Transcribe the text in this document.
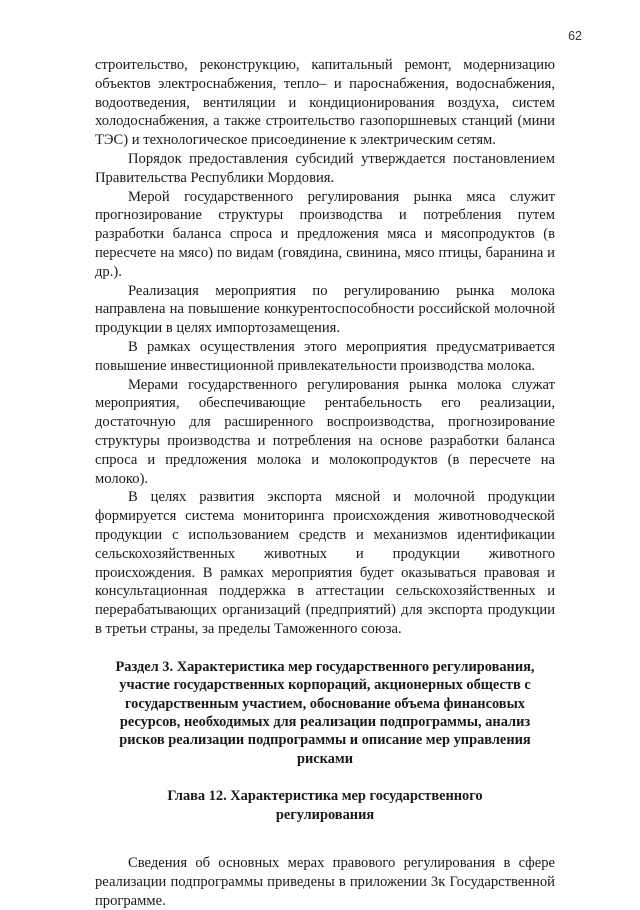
62

строительство, реконструкцию, капитальный ремонт, модернизацию объектов электроснабжения, тепло– и пароснабжения, водоснабжения, водоотведения, вентиляции и кондиционирования воздуха, систем холодоснабжения, а также строительство газопоршневых станций (мини ТЭС) и технологическое присоединение к электрическим сетям.

Порядок предоставления субсидий утверждается постановлением Правительства Республики Мордовия.

Мерой государственного регулирования рынка мяса служит прогнозирование структуры производства и потребления путем разработки баланса спроса и предложения мяса и мясопродуктов (в пересчете на мясо) по видам (говядина, свинина, мясо птицы, баранина и др.).

Реализация мероприятия по регулированию рынка молока направлена на повышение конкурентоспособности российской молочной продукции в целях импортозамещения.

В рамках осуществления этого мероприятия предусматривается повышение инвестиционной привлекательности производства молока.

Мерами государственного регулирования рынка молока служат мероприятия, обеспечивающие рентабельность его реализации, достаточную для расширенного воспроизводства, прогнозирование структуры производства и потребления на основе разработки баланса спроса и предложения молока и молокопродуктов (в пересчете на молоко).

В целях развития экспорта мясной и молочной продукции формируется система мониторинга происхождения животноводческой продукции с использованием средств и механизмов идентификации сельскохозяйственных животных и продукции животного происхождения. В рамках мероприятия будет оказываться правовая и консультационная поддержка в аттестации сельскохозяйственных и перерабатывающих организаций (предприятий) для экспорта продукции в третьи страны, за пределы Таможенного союза.

Раздел 3. Характеристика мер государственного регулирования, участие государственных корпораций, акционерных обществ с государственным участием, обоснование объема финансовых ресурсов, необходимых для реализации подпрограммы, анализ рисков реализации подпрограммы и описание мер управления рисками
Глава 12. Характеристика мер государственного регулирования

Сведения об основных мерах правового регулирования в сфере реализации подпрограммы приведены в приложении 3к Государственной программе.
